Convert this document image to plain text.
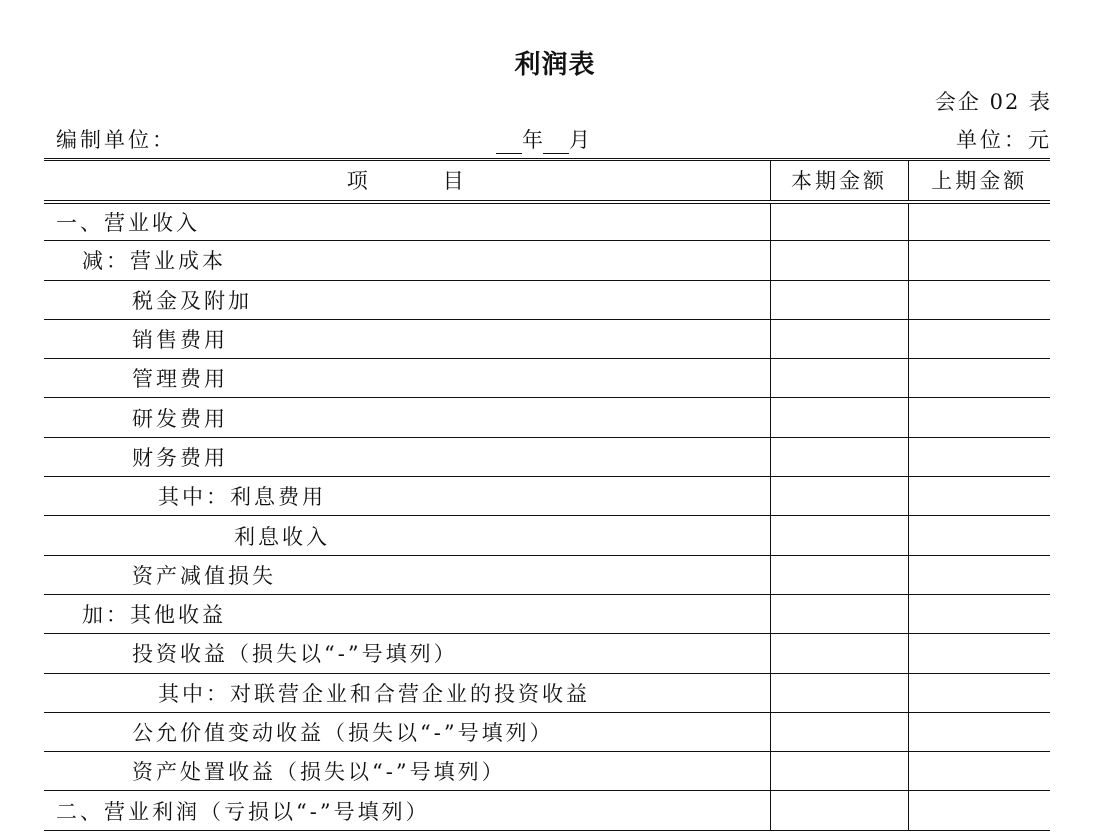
利润表
会企 02 表
编制单位：	年 月	单位：元
项　　　目	本期金额	上期金额
一、营业收入		
减：营业成本		
税金及附加		
销售费用		
管理费用		
研发费用		
财务费用		
其中：利息费用		
利息收入		
资产减值损失		
加：其他收益		
投资收益（损失以“-”号填列）		
其中：对联营企业和合营企业的投资收益		
公允价值变动收益（损失以“-”号填列）		
资产处置收益（损失以“-”号填列）		
二、营业利润（亏损以“-”号填列）		
